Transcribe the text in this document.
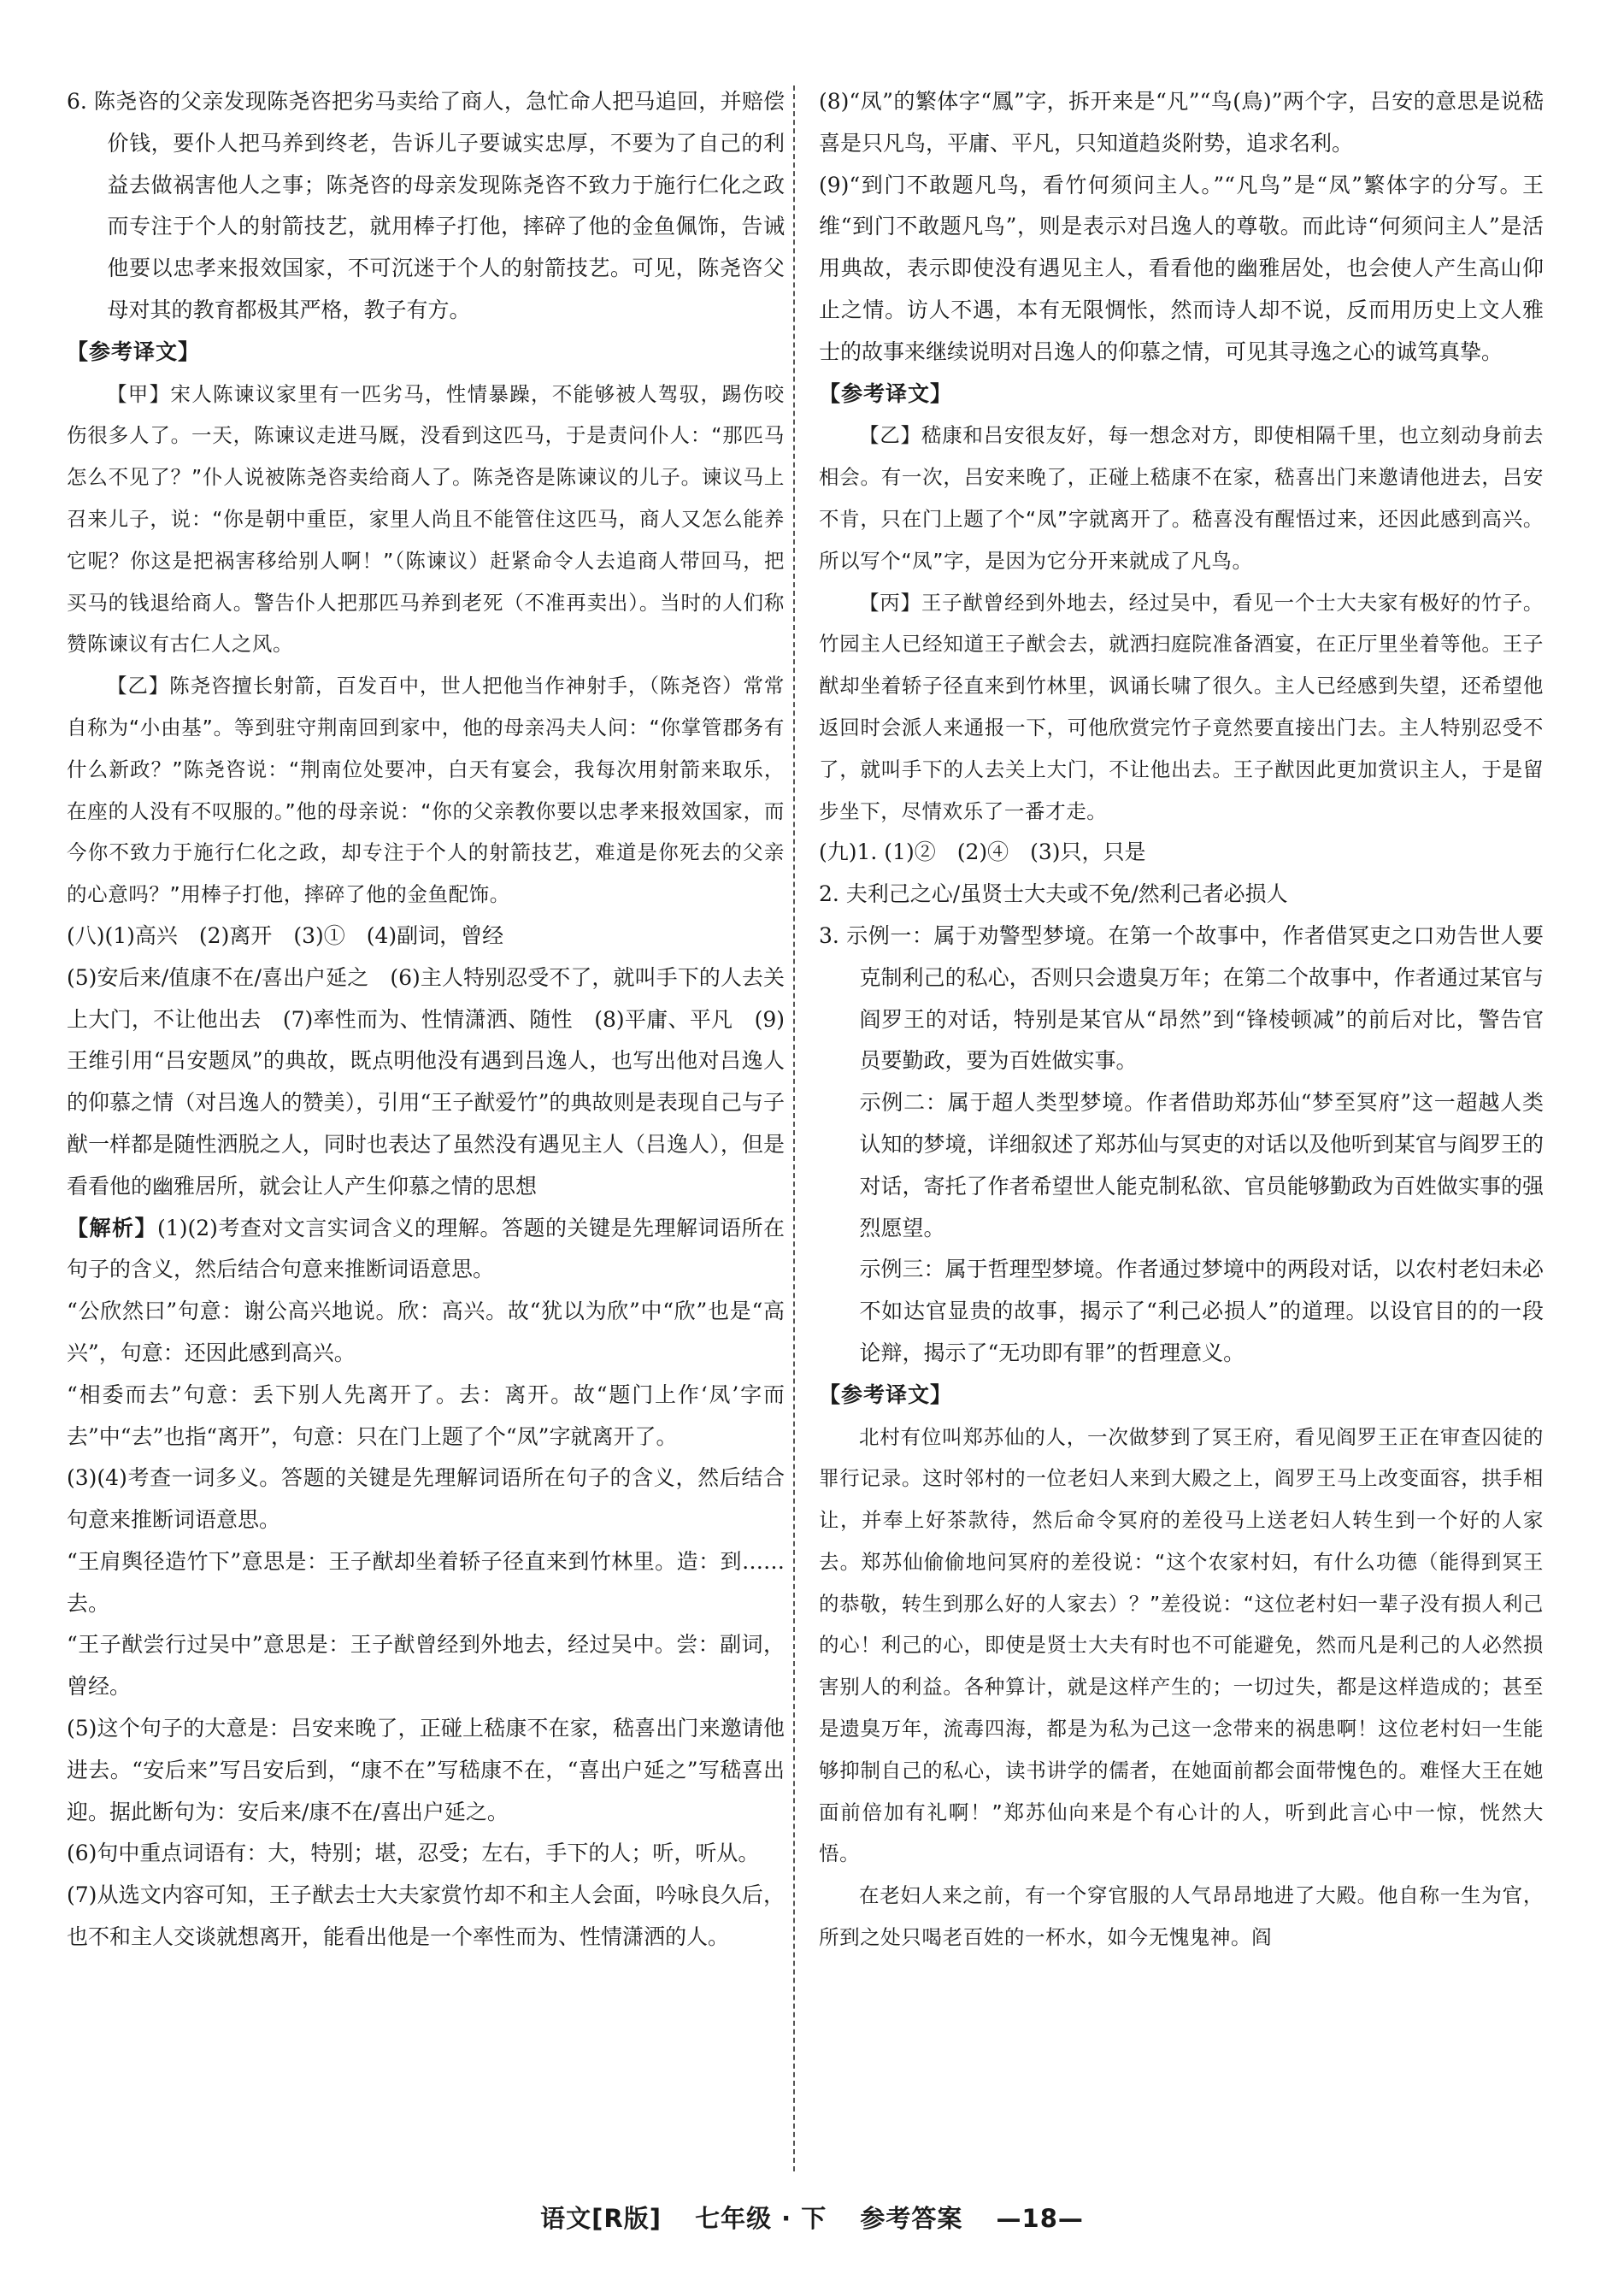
6. 陈尧咨的父亲发现陈尧咨把劣马卖给了商人，急忙命人把马追回，并赔偿价钱，要仆人把马养到终老，告诉儿子要诚实忠厚，不要为了自己的利益去做祸害他人之事；陈尧咨的母亲发现陈尧咨不致力于施行仁化之政而专注于个人的射箭技艺，就用棒子打他，摔碎了他的金鱼佩饰，告诫他要以忠孝来报效国家，不可沉迷于个人的射箭技艺。可见，陈尧咨父母对其的教育都极其严格，教子有方。

【参考译文】

【甲】宋人陈谏议家里有一匹劣马，性情暴躁，不能够被人驾驭，踢伤咬伤很多人了。一天，陈谏议走进马厩，没看到这匹马，于是责问仆人：“那匹马怎么不见了？”仆人说被陈尧咨卖给商人了。陈尧咨是陈谏议的儿子。谏议马上召来儿子，说：“你是朝中重臣，家里人尚且不能管住这匹马，商人又怎么能养它呢？你这是把祸害移给别人啊！”（陈谏议）赶紧命令人去追商人带回马，把买马的钱退给商人。警告仆人把那匹马养到老死（不准再卖出）。当时的人们称赞陈谏议有古仁人之风。

【乙】陈尧咨擅长射箭，百发百中，世人把他当作神射手，（陈尧咨）常常自称为“小由基”。等到驻守荆南回到家中，他的母亲冯夫人问：“你掌管郡务有什么新政？”陈尧咨说：“荆南位处要冲，白天有宴会，我每次用射箭来取乐，在座的人没有不叹服的。”他的母亲说：“你的父亲教你要以忠孝来报效国家，而今你不致力于施行仁化之政，却专注于个人的射箭技艺，难道是你死去的父亲的心意吗？”用棒子打他，摔碎了他的金鱼配饰。

(八)(1)高兴　(2)离开　(3)①　(4)副词，曾经

(5)安后来/值康不在/喜出户延之　(6)主人特别忍受不了，就叫手下的人去关上大门，不让他出去　(7)率性而为、性情潇洒、随性　(8)平庸、平凡　(9)王维引用“吕安题凤”的典故，既点明他没有遇到吕逸人，也写出他对吕逸人的仰慕之情（对吕逸人的赞美），引用“王子猷爱竹”的典故则是表现自己与子猷一样都是随性洒脱之人，同时也表达了虽然没有遇见主人（吕逸人），但是看看他的幽雅居所，就会让人产生仰慕之情的思想

【解析】(1)(2)考查对文言实词含义的理解。答题的关键是先理解词语所在句子的含义，然后结合句意来推断词语意思。

“公欣然曰”句意：谢公高兴地说。欣：高兴。故“犹以为欣”中“欣”也是“高兴”，句意：还因此感到高兴。

“相委而去”句意：丢下别人先离开了。去：离开。故“题门上作‘凤’字而去”中“去”也指“离开”，句意：只在门上题了个“凤”字就离开了。

(3)(4)考查一词多义。答题的关键是先理解词语所在句子的含义，然后结合句意来推断词语意思。

“王肩舆径造竹下”意思是：王子猷却坐着轿子径直来到竹林里。造：到……去。

“王子猷尝行过吴中”意思是：王子猷曾经到外地去，经过吴中。尝：副词，曾经。

(5)这个句子的大意是：吕安来晚了，正碰上嵇康不在家，嵇喜出门来邀请他进去。“安后来”写吕安后到，“康不在”写嵇康不在，“喜出户延之”写嵇喜出迎。据此断句为：安后来/康不在/喜出户延之。

(6)句中重点词语有：大，特别；堪，忍受；左右，手下的人；听，听从。

(7)从选文内容可知，王子猷去士大夫家赏竹却不和主人会面，吟咏良久后，也不和主人交谈就想离开，能看出他是一个率性而为、性情潇洒的人。

(8)“凤”的繁体字“鳳”字，拆开来是“凡”“鸟(鳥)”两个字，吕安的意思是说嵇喜是只凡鸟，平庸、平凡，只知道趋炎附势，追求名利。

(9)“到门不敢题凡鸟，看竹何须问主人。”“凡鸟”是“凤”繁体字的分写。王维“到门不敢题凡鸟”，则是表示对吕逸人的尊敬。而此诗“何须问主人”是活用典故，表示即使没有遇见主人，看看他的幽雅居处，也会使人产生高山仰止之情。访人不遇，本有无限惆怅，然而诗人却不说，反而用历史上文人雅士的故事来继续说明对吕逸人的仰慕之情，可见其寻逸之心的诚笃真挚。

【参考译文】

【乙】嵇康和吕安很友好，每一想念对方，即使相隔千里，也立刻动身前去相会。有一次，吕安来晚了，正碰上嵇康不在家，嵇喜出门来邀请他进去，吕安不肯，只在门上题了个“凤”字就离开了。嵇喜没有醒悟过来，还因此感到高兴。所以写个“凤”字，是因为它分开来就成了凡鸟。

【丙】王子猷曾经到外地去，经过吴中，看见一个士大夫家有极好的竹子。竹园主人已经知道王子猷会去，就洒扫庭院准备酒宴，在正厅里坐着等他。王子猷却坐着轿子径直来到竹林里，讽诵长啸了很久。主人已经感到失望，还希望他返回时会派人来通报一下，可他欣赏完竹子竟然要直接出门去。主人特别忍受不了，就叫手下的人去关上大门，不让他出去。王子猷因此更加赏识主人，于是留步坐下，尽情欢乐了一番才走。

(九)1. (1)②　(2)④　(3)只，只是

2. 夫利己之心/虽贤士大夫或不免/然利己者必损人

3. 示例一：属于劝警型梦境。在第一个故事中，作者借冥吏之口劝告世人要克制利己的私心，否则只会遗臭万年；在第二个故事中，作者通过某官与阎罗王的对话，特别是某官从“昂然”到“锋棱顿减”的前后对比，警告官员要勤政，要为百姓做实事。

示例二：属于超人类型梦境。作者借助郑苏仙“梦至冥府”这一超越人类认知的梦境，详细叙述了郑苏仙与冥吏的对话以及他听到某官与阎罗王的对话，寄托了作者希望世人能克制私欲、官员能够勤政为百姓做实事的强烈愿望。

示例三：属于哲理型梦境。作者通过梦境中的两段对话，以农村老妇未必不如达官显贵的故事，揭示了“利己必损人”的道理。以设官目的的一段论辩，揭示了“无功即有罪”的哲理意义。

【参考译文】

北村有位叫郑苏仙的人，一次做梦到了冥王府，看见阎罗王正在审查囚徒的罪行记录。这时邻村的一位老妇人来到大殿之上，阎罗王马上改变面容，拱手相让，并奉上好茶款待，然后命令冥府的差役马上送老妇人转生到一个好的人家去。郑苏仙偷偷地问冥府的差役说：“这个农家村妇，有什么功德（能得到冥王的恭敬，转生到那么好的人家去）？”差役说：“这位老村妇一辈子没有损人利己的心！利己的心，即使是贤士大夫有时也不可能避免，然而凡是利己的人必然损害别人的利益。各种算计，就是这样产生的；一切过失，都是这样造成的；甚至是遗臭万年，流毒四海，都是为私为己这一念带来的祸患啊！这位老村妇一生能够抑制自己的私心，读书讲学的儒者，在她面前都会面带愧色的。难怪大王在她面前倍加有礼啊！”郑苏仙向来是个有心计的人，听到此言心中一惊，恍然大悟。

在老妇人来之前，有一个穿官服的人气昂昂地进了大殿。他自称一生为官，所到之处只喝老百姓的一杯水，如今无愧鬼神。阎

语文[R版] 七年级 · 下 参考答案 —18—
